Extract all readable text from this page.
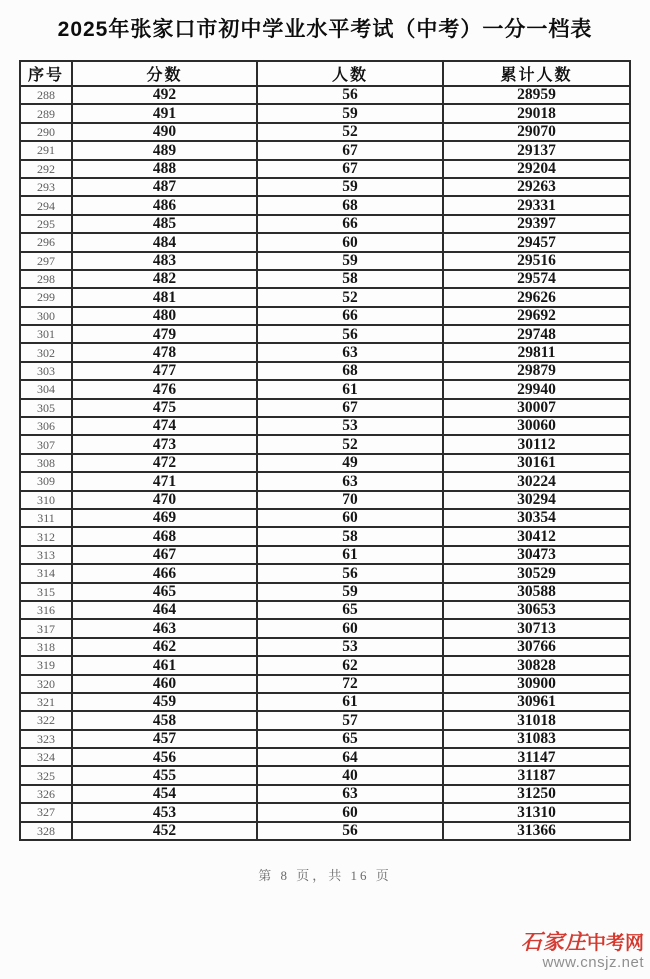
2025年张家口市初中学业水平考试（中考）一分一档表
序号	分数	人数	累计人数
288	492	56	28959
289	491	59	29018
290	490	52	29070
291	489	67	29137
292	488	67	29204
293	487	59	29263
294	486	68	29331
295	485	66	29397
296	484	60	29457
297	483	59	29516
298	482	58	29574
299	481	52	29626
300	480	66	29692
301	479	56	29748
302	478	63	29811
303	477	68	29879
304	476	61	29940
305	475	67	30007
306	474	53	30060
307	473	52	30112
308	472	49	30161
309	471	63	30224
310	470	70	30294
311	469	60	30354
312	468	58	30412
313	467	61	30473
314	466	56	30529
315	465	59	30588
316	464	65	30653
317	463	60	30713
318	462	53	30766
319	461	62	30828
320	460	72	30900
321	459	61	30961
322	458	57	31018
323	457	65	31083
324	456	64	31147
325	455	40	31187
326	454	63	31250
327	453	60	31310
328	452	56	31366
第 8 页，共 16 页
石家庄中考网
www.cnsjz.net
